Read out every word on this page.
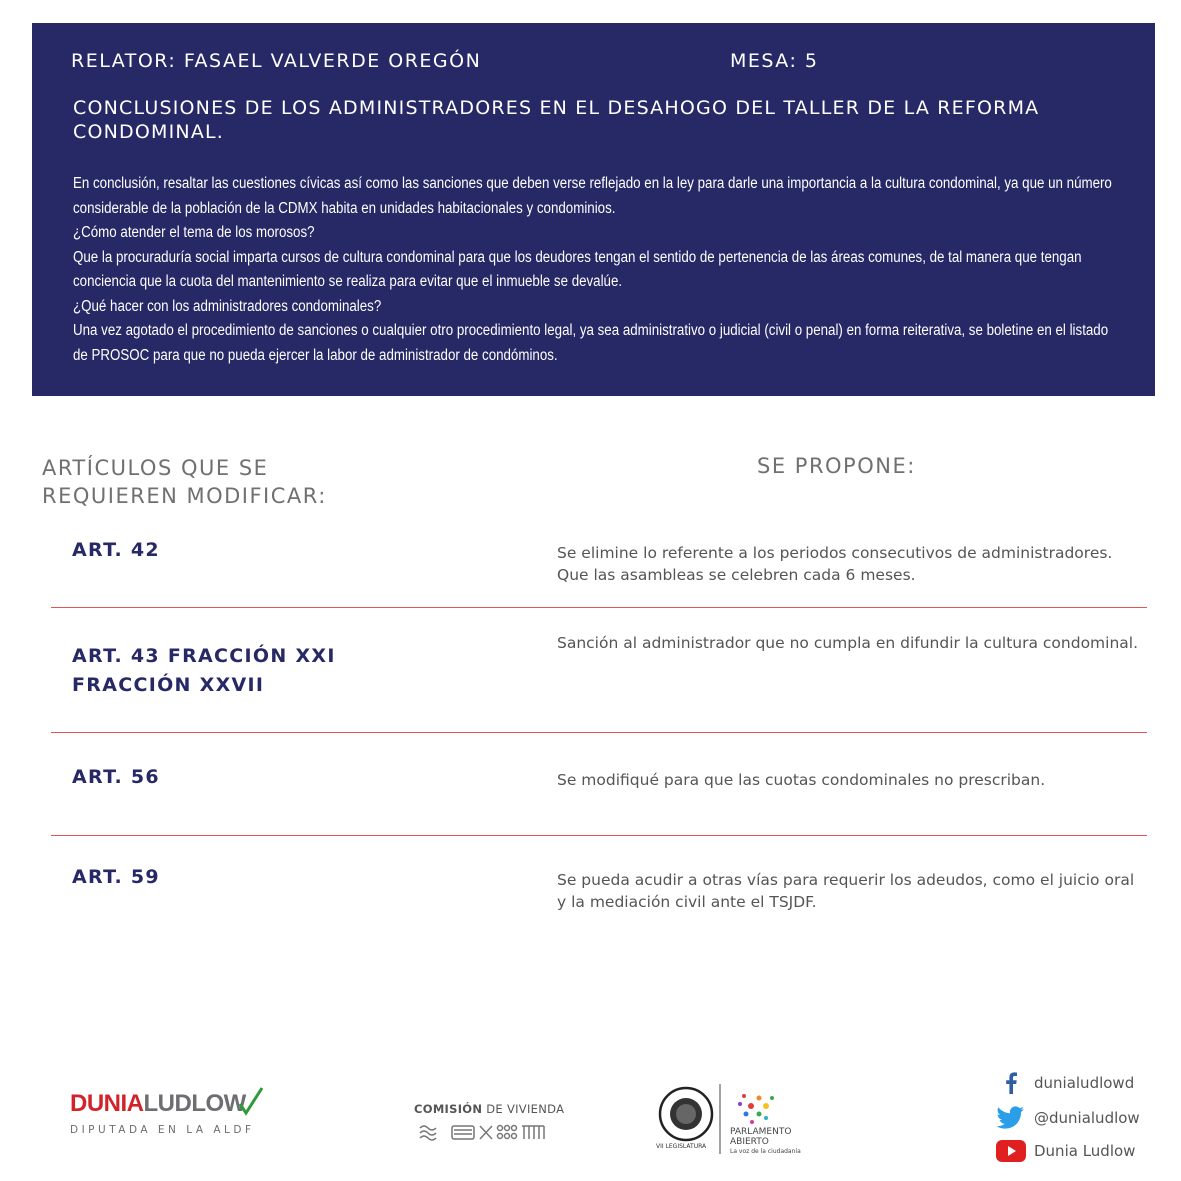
RELATOR: FASAEL VALVERDE OREGÓN	MESA: 5
CONCLUSIONES DE LOS ADMINISTRADORES EN EL DESAHOGO DEL TALLER DE LA REFORMA CONDOMINAL.

En conclusión, resaltar las cuestiones cívicas así como las sanciones que deben verse reflejado en la ley para darle una importancia a la cultura condominal, ya que un número considerable de la población de la CDMX habita en unidades habitacionales y condominios.

¿Cómo atender el tema de los morosos?

Que la procuraduría social imparta cursos de cultura condominal para que los deudores tengan el sentido de pertenencia de las áreas comunes, de tal manera que tengan conciencia que la cuota del mantenimiento se realiza para evitar que el inmueble se devalúe.

¿Qué hacer con los administradores condominales?

Una vez agotado el procedimiento de sanciones o cualquier otro procedimiento legal, ya sea administrativo o judicial (civil o penal) en forma reiterativa, se boletine en el listado de PROSOC para que no pueda ejercer la labor de administrador de condóminos.

ARTÍCULOS QUE SE
REQUIEREN MODIFICAR:
SE PROPONE:
ART. 42	Se elimine lo referente a los periodos consecutivos de administradores.
Que las asambleas se celebren cada 6 meses.
ART. 43 FRACCIÓN XXI
FRACCIÓN XXVII
Sanción al administrador que no cumpla en difundir la cultura condominal.
ART. 56	Se modifiqué para que las cuotas condominales no prescriban.
ART. 59	Se pueda acudir a otras vías para requerir los adeudos, como el juicio oral y la mediación civil ante el TSJDF.
DUNIALUDLOW
DIPUTADA EN LA ALDF
COMISIÓN DE VIVIENDA
PARLAMENTO
ABIERTO
La voz de la ciudadanía
VII LEGISLATURA
dunialudlowd
@dunialudlow
Dunia Ludlow
